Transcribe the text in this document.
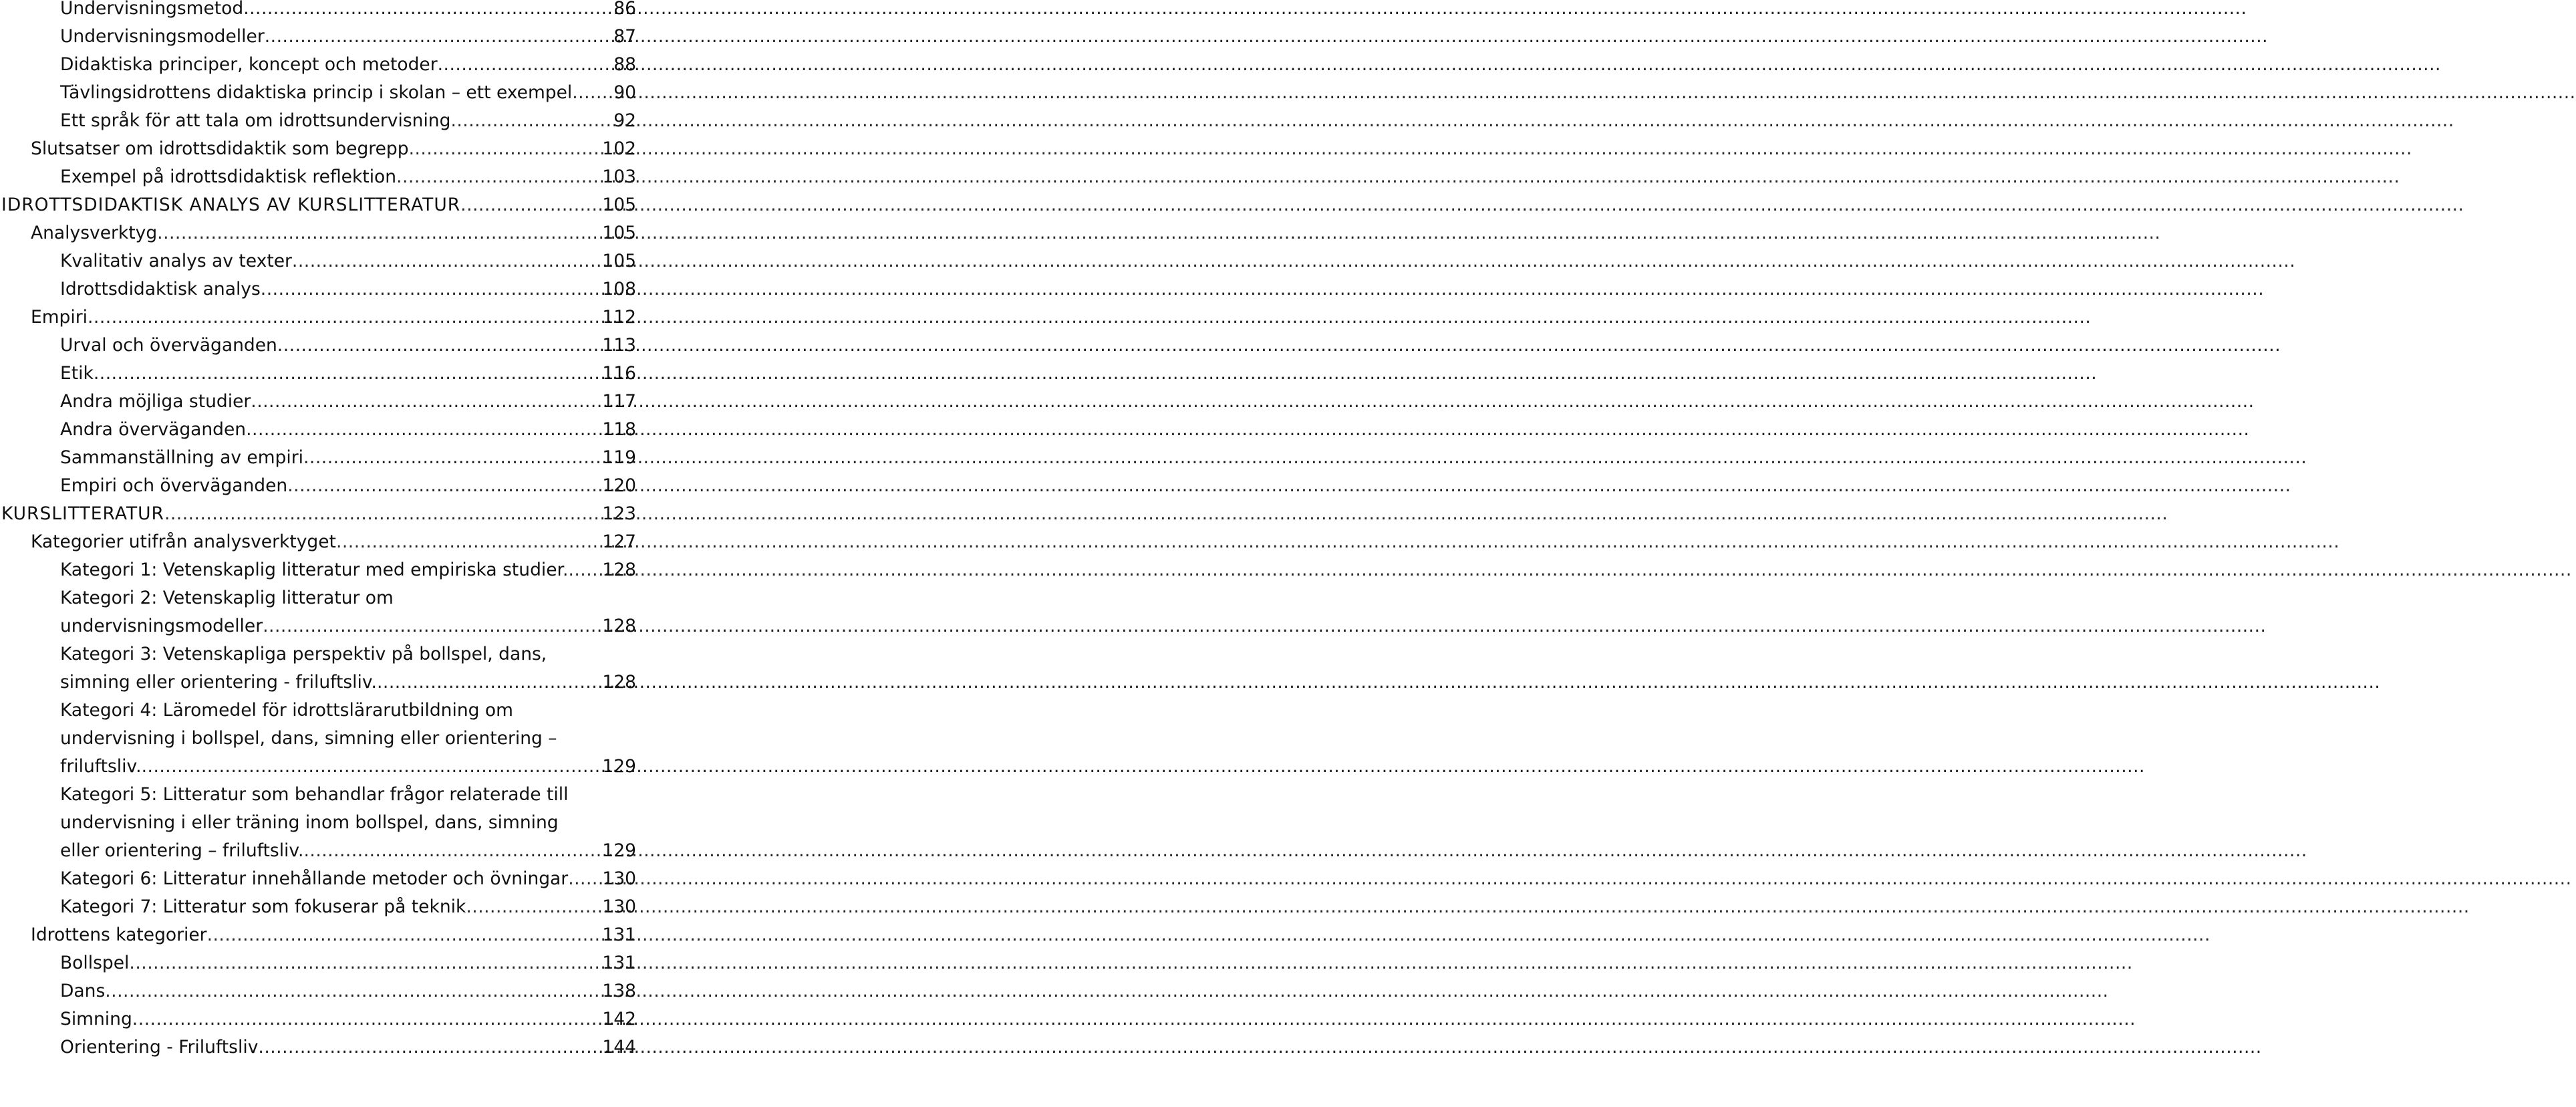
Undervisningsmetod .....	86
Undervisningsmodeller .....	87
Didaktiska principer, koncept och metoder .....	88
Tävlingsidrottens didaktiska princip i skolan – ett exempel .....	90
Ett språk för att tala om idrottsundervisning .....	92
Slutsatser om idrottsdidaktik som begrepp .....	102
Exempel på idrottsdidaktisk reflektion .....	103
IDROTTSDIDAKTISK ANALYS AV KURSLITTERATUR .....	105
Analysverktyg .....	105
Kvalitativ analys av texter .....	105
Idrottsdidaktisk analys .....	108
Empiri .....	112
Urval och överväganden .....	113
Etik .....	116
Andra möjliga studier .....	117
Andra överväganden .....	118
Sammanställning av empiri .....	119
Empiri och överväganden .....	120
KURSLITTERATUR .....	123
Kategorier utifrån analysverktyget .....	127
Kategori 1: Vetenskaplig litteratur med empiriska studier. .....	128
Kategori 2: Vetenskaplig litteratur om
undervisningsmodeller .....	128
Kategori 3: Vetenskapliga perspektiv på bollspel, dans,
simning eller orientering - friluftsliv. .....	128
Kategori 4: Läromedel för idrottslärarutbildning om
undervisning i bollspel, dans, simning eller orientering –
friluftsliv. .....	129
Kategori 5: Litteratur som behandlar frågor relaterade till
undervisning i eller träning inom bollspel, dans, simning
eller orientering – friluftsliv. .....	129
Kategori 6: Litteratur innehållande metoder och övningar .....	130
Kategori 7: Litteratur som fokuserar på teknik .....	130
Idrottens kategorier .....	131
Bollspel .....	131
Dans .....	138
Simning .....	142
Orientering - Friluftsliv .....	144
